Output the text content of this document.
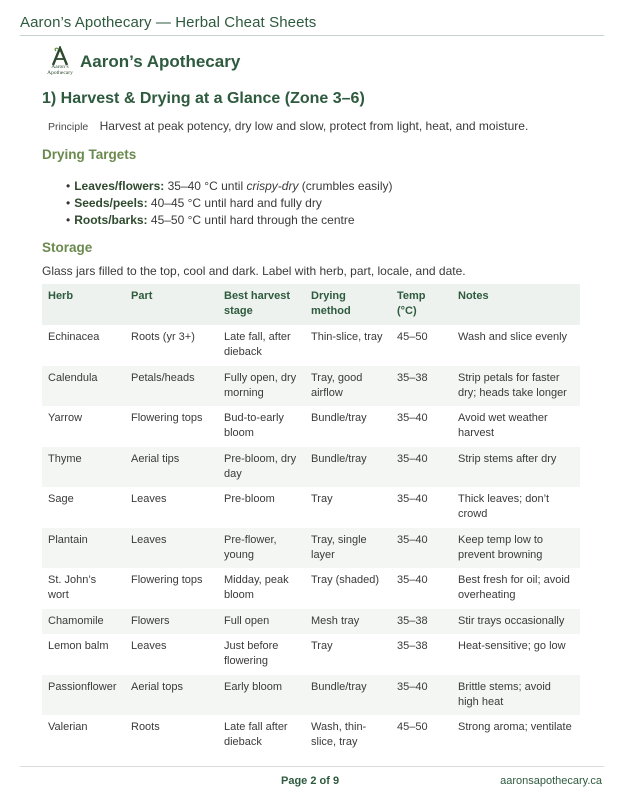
Aaron’s Apothecary — Herbal Cheat Sheets
Aaron’s
Apothecary
Aaron’s Apothecary
1) Harvest & Drying at a Glance (Zone 3–6)
Principle Harvest at peak potency, dry low and slow, protect from light, heat, and moisture.
Drying Targets
• Leaves/flowers: 35–40 °C until crispy-dry (crumbles easily)
• Seeds/peels: 40–45 °C until hard and fully dry
• Roots/barks: 45–50 °C until hard through the centre
Storage
Glass jars filled to the top, cool and dark. Label with herb, part, locale, and date.
Herb	Part	Best harvest stage	Drying method	Temp (°C)	Notes
Echinacea	Roots (yr 3+)	Late fall, after dieback	Thin-slice, tray	45–50	Wash and slice evenly
Calendula	Petals/heads	Fully open, dry morning	Tray, good airflow	35–38	Strip petals for faster dry; heads take longer
Yarrow	Flowering tops	Bud-to-early bloom	Bundle/tray	35–40	Avoid wet weather harvest
Thyme	Aerial tips	Pre-bloom, dry day	Bundle/tray	35–40	Strip stems after dry
Sage	Leaves	Pre-bloom	Tray	35–40	Thick leaves; don’t crowd
Plantain	Leaves	Pre-flower, young	Tray, single layer	35–40	Keep temp low to prevent browning
St. John’s wort	Flowering tops	Midday, peak bloom	Tray (shaded)	35–40	Best fresh for oil; avoid overheating
Chamomile	Flowers	Full open	Mesh tray	35–38	Stir trays occasionally
Lemon balm	Leaves	Just before flowering	Tray	35–38	Heat-sensitive; go low
Passionflower	Aerial tops	Early bloom	Bundle/tray	35–40	Brittle stems; avoid high heat
Valerian	Roots	Late fall after dieback	Wash, thin-slice, tray	45–50	Strong aroma; ventilate
Page 2 of 9	aaronsapothecary.ca
